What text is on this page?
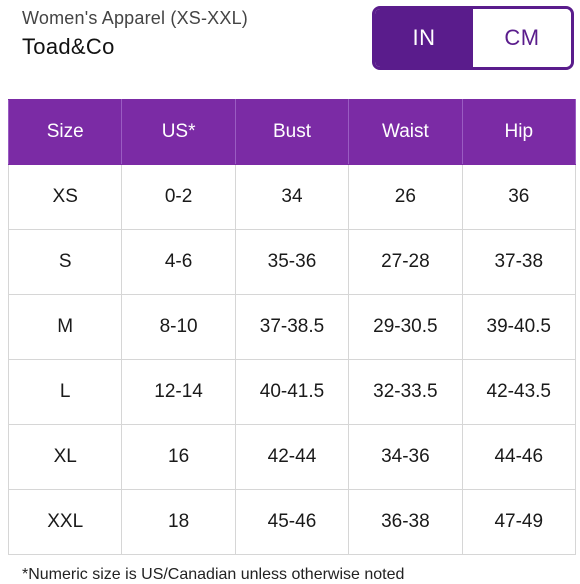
Women's Apparel (XS-XXL)
Toad&Co	IN	CM
Size	US*	Bust	Waist	Hip
XS	0-2	34	26	36
S	4-6	35-36	27-28	37-38
M	8-10	37-38.5	29-30.5	39-40.5
L	12-14	40-41.5	32-33.5	42-43.5
XL	16	42-44	34-36	44-46
XXL	18	45-46	36-38	47-49
*Numeric size is US/Canadian unless otherwise noted
